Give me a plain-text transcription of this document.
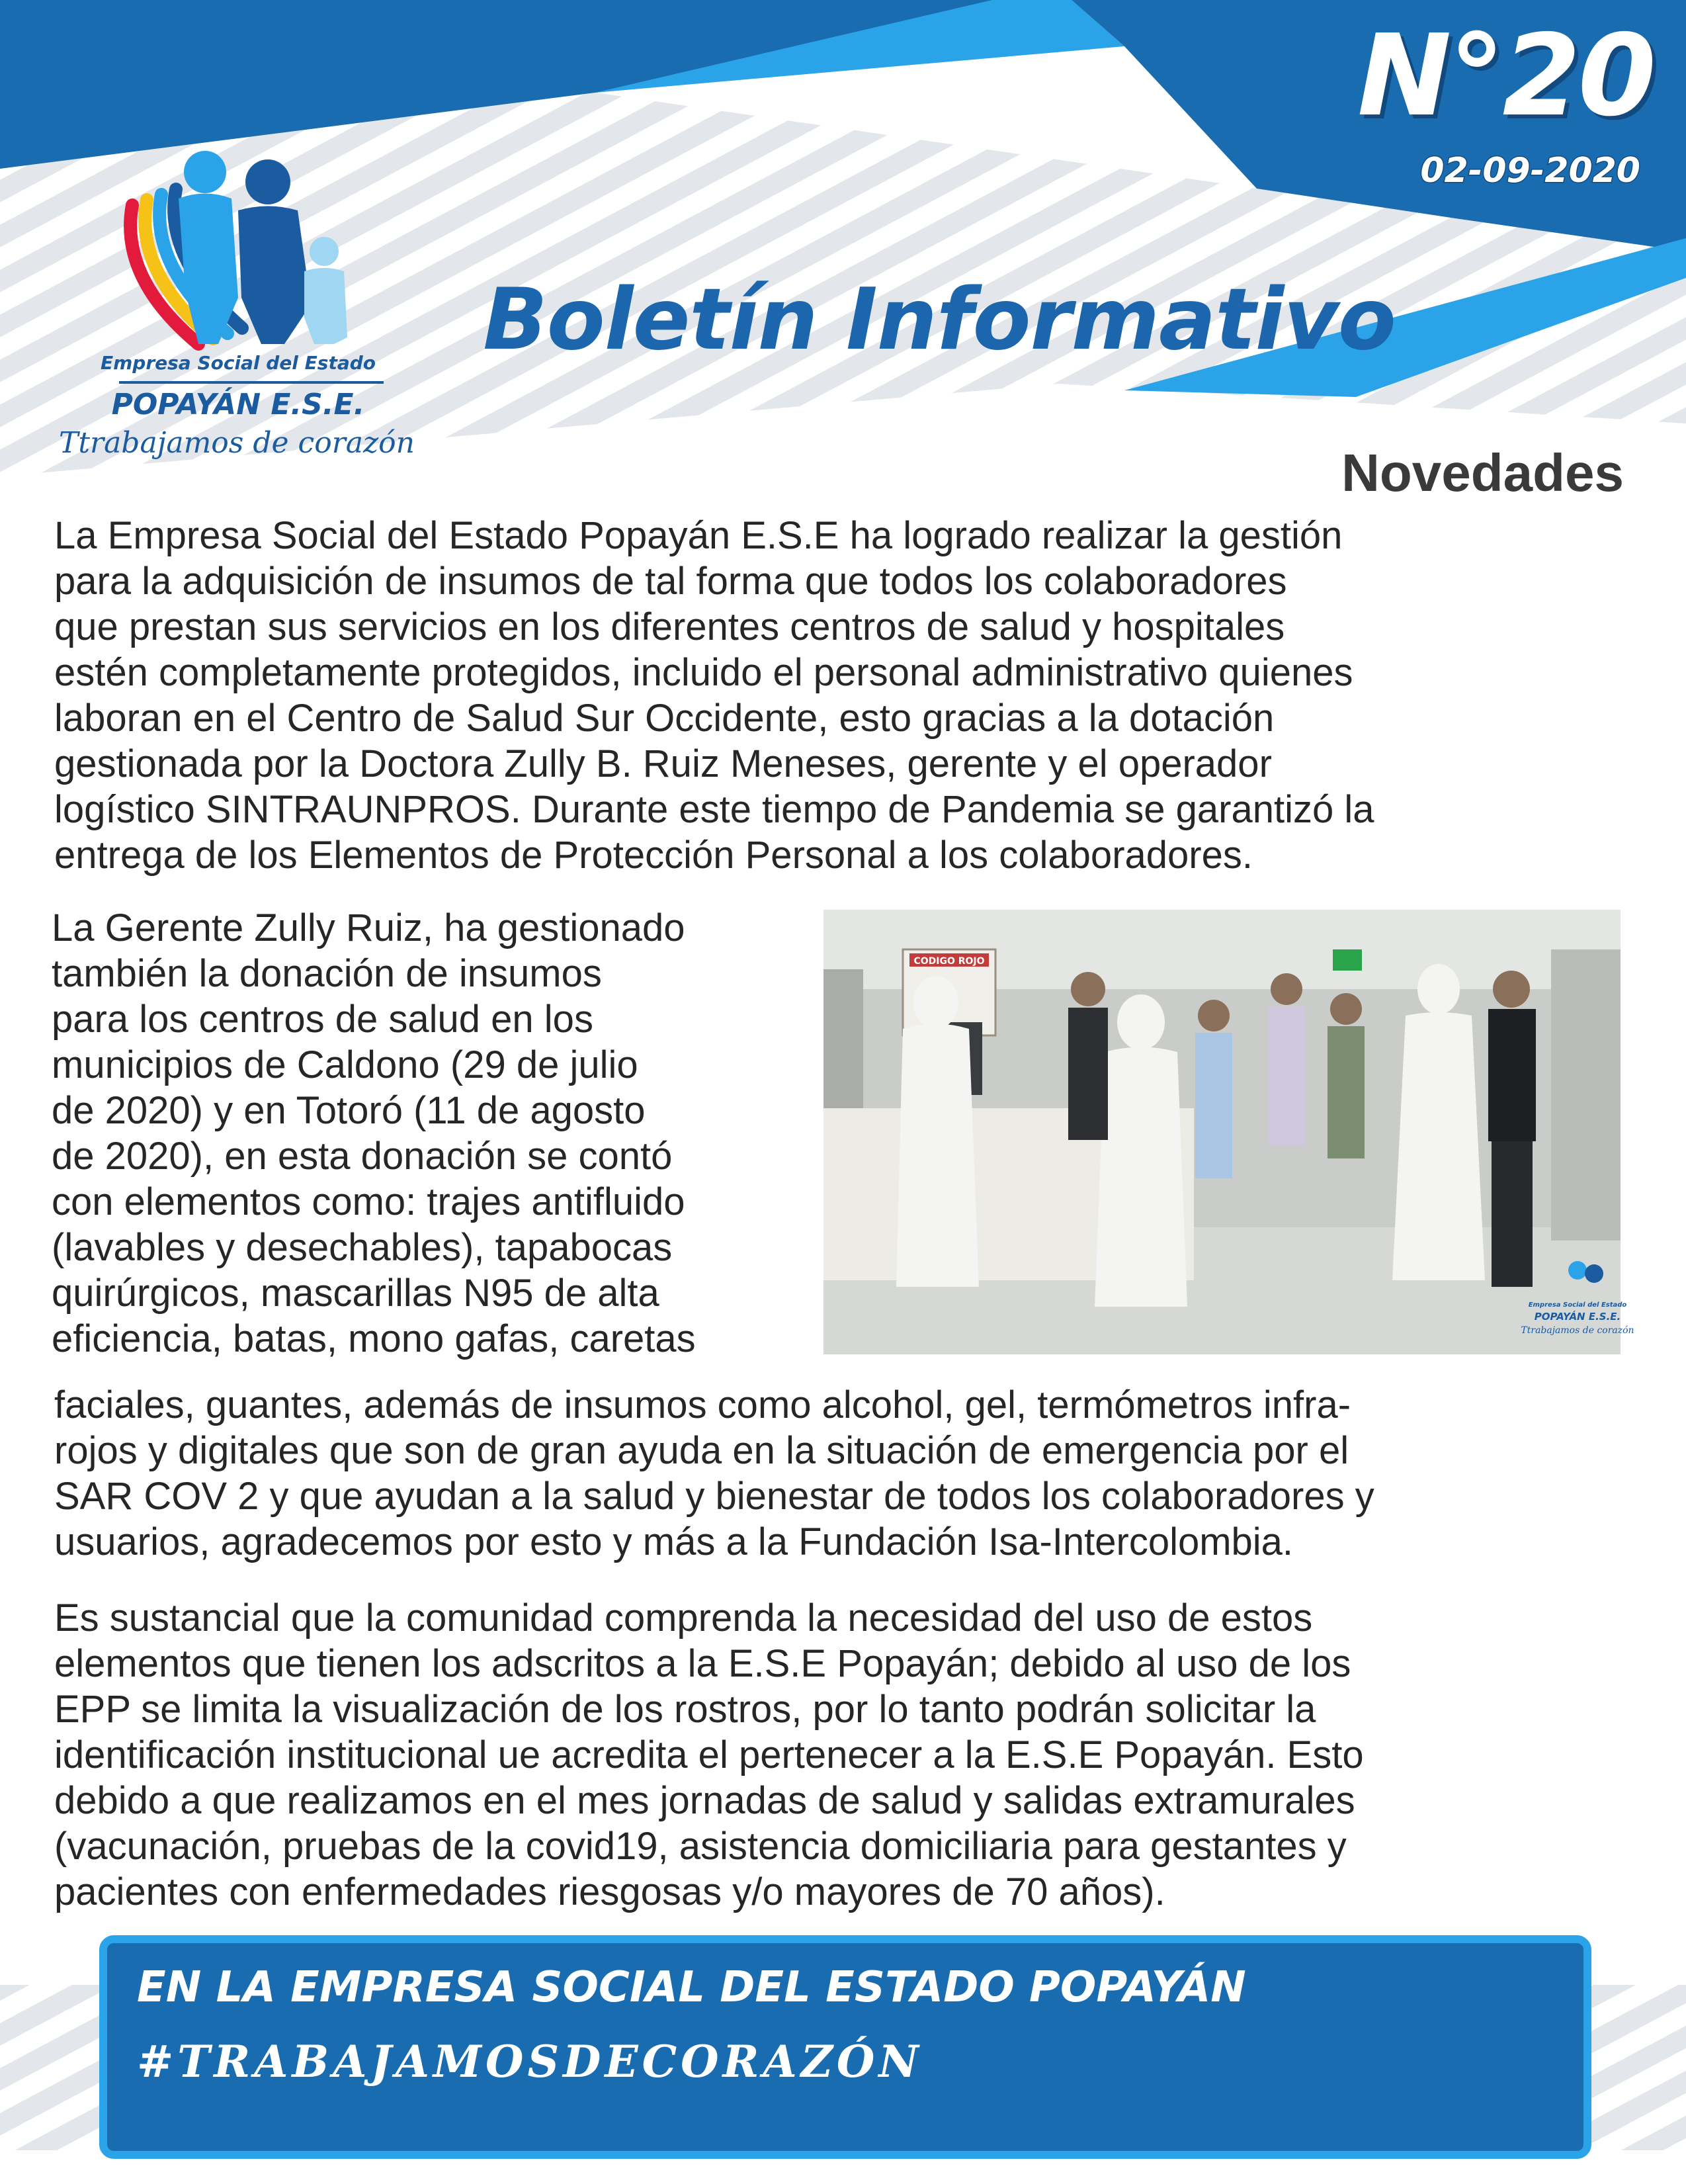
Empresa Social del Estado
POPAYÁN E.S.E.
Ttrabajamos de corazón
N°20
02-09-2020
Boletín Informativo
Novedades
La Empresa Social del Estado Popayán E.S.E ha logrado realizar la gestión
para la adquisición de insumos de tal forma que todos los colaboradores
que prestan sus servicios en los diferentes centros de salud y hospitales
estén completamente protegidos, incluido el personal administrativo quienes
laboran en el Centro de Salud Sur Occidente, esto gracias a la dotación
gestionada por la Doctora Zully B. Ruiz Meneses, gerente y el operador
logístico SINTRAUNPROS. Durante este tiempo de Pandemia se garantizó la
entrega de los Elementos de Protección Personal a los colaboradores.
La Gerente Zully Ruiz, ha gestionado
también la donación de insumos
para los centros de salud en los
municipios de Caldono (29 de julio
de 2020) y en Totoró (11 de agosto
de 2020), en esta donación se contó
con elementos como: trajes antifluido
(lavables y desechables), tapabocas
quirúrgicos, mascarillas N95 de alta
eficiencia, batas, mono gafas, caretas
CODIGO ROJO
Empresa Social del Estado
POPAYÁN E.S.E.
Ttrabajamos de corazón
faciales, guantes, además de insumos como alcohol, gel, termómetros infra-
rojos y digitales que son de gran ayuda en la situación de emergencia por el
SAR COV 2 y que ayudan a la salud y bienestar de todos los colaboradores y
usuarios, agradecemos por esto y más a la Fundación Isa-Intercolombia.
Es sustancial que la comunidad comprenda la necesidad del uso de estos
elementos que tienen los adscritos a la E.S.E Popayán; debido al uso de los
EPP se limita la visualización de los rostros, por lo tanto podrán solicitar la
identificación institucional ue acredita el pertenecer a la E.S.E Popayán. Esto
debido a que realizamos en el mes jornadas de salud y salidas extramurales
(vacunación, pruebas de la covid19, asistencia domiciliaria para gestantes y
pacientes con enfermedades riesgosas y/o mayores de 70 años).
EN LA EMPRESA SOCIAL DEL ESTADO POPAYÁN
#TRABAJAMOSDECORAZÓN
